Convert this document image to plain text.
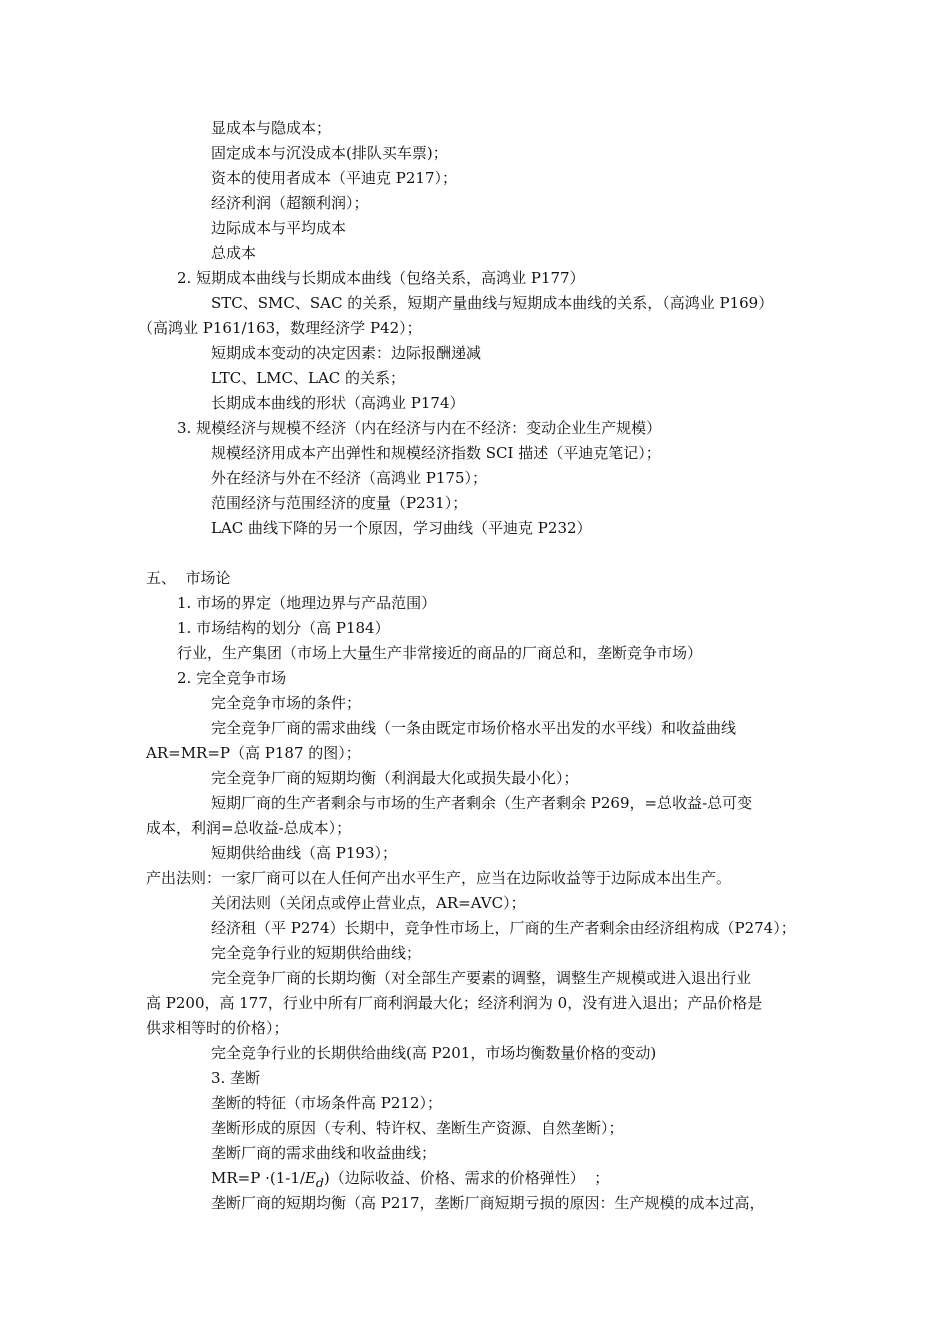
显成本与隐成本；
固定成本与沉没成本(排队买车票)；
资本的使用者成本（平迪克 P217）；
经济利润（超额利润）；
边际成本与平均成本
总成本
2. 短期成本曲线与长期成本曲线（包络关系，高鸿业 P177）
STC、SMC、SAC 的关系，短期产量曲线与短期成本曲线的关系，（高鸿业 P169）
（高鸿业 P161/163，数理经济学 P42）；
短期成本变动的决定因素：边际报酬递减
LTC、LMC、LAC 的关系；
长期成本曲线的形状（高鸿业 P174）
3. 规模经济与规模不经济（内在经济与内在不经济：变动企业生产规模）
规模经济用成本产出弹性和规模经济指数 SCI 描述（平迪克笔记）；
外在经济与外在不经济（高鸿业 P175）；
范围经济与范围经济的度量（P231）；
LAC 曲线下降的另一个原因，学习曲线（平迪克 P232）
五、  市场论
1. 市场的界定（地理边界与产品范围）
1. 市场结构的划分（高 P184）
行业，生产集团（市场上大量生产非常接近的商品的厂商总和，垄断竞争市场）
2. 完全竞争市场
完全竞争市场的条件；
完全竞争厂商的需求曲线（一条由既定市场价格水平出发的水平线）和收益曲线
AR=MR=P（高 P187 的图）；
完全竞争厂商的短期均衡（利润最大化或损失最小化）；
短期厂商的生产者剩余与市场的生产者剩余（生产者剩余 P269，=总收益-总可变
成本，利润=总收益-总成本）；
短期供给曲线（高 P193）；
产出法则：一家厂商可以在人任何产出水平生产，应当在边际收益等于边际成本出生产。
关闭法则（关闭点或停止营业点，AR=AVC）；
经济租（平 P274）长期中，竞争性市场上，厂商的生产者剩余由经济组构成（P274）；
完全竞争行业的短期供给曲线；
完全竞争厂商的长期均衡（对全部生产要素的调整，调整生产规模或进入退出行业
高 P200，高 177，行业中所有厂商利润最大化；经济利润为 0，没有进入退出；产品价格是
供求相等时的价格）；
完全竞争行业的长期供给曲线(高 P201，市场均衡数量价格的变动)
3. 垄断
垄断的特征（市场条件高 P212）；
垄断形成的原因（专利、特许权、垄断生产资源、自然垄断）；
垄断厂商的需求曲线和收益曲线；
$MR=P \cdot(1-1/E_d)$（边际收益、价格、需求的价格弹性）  ；
垄断厂商的短期均衡（高 P217，垄断厂商短期亏损的原因：生产规模的成本过高，
